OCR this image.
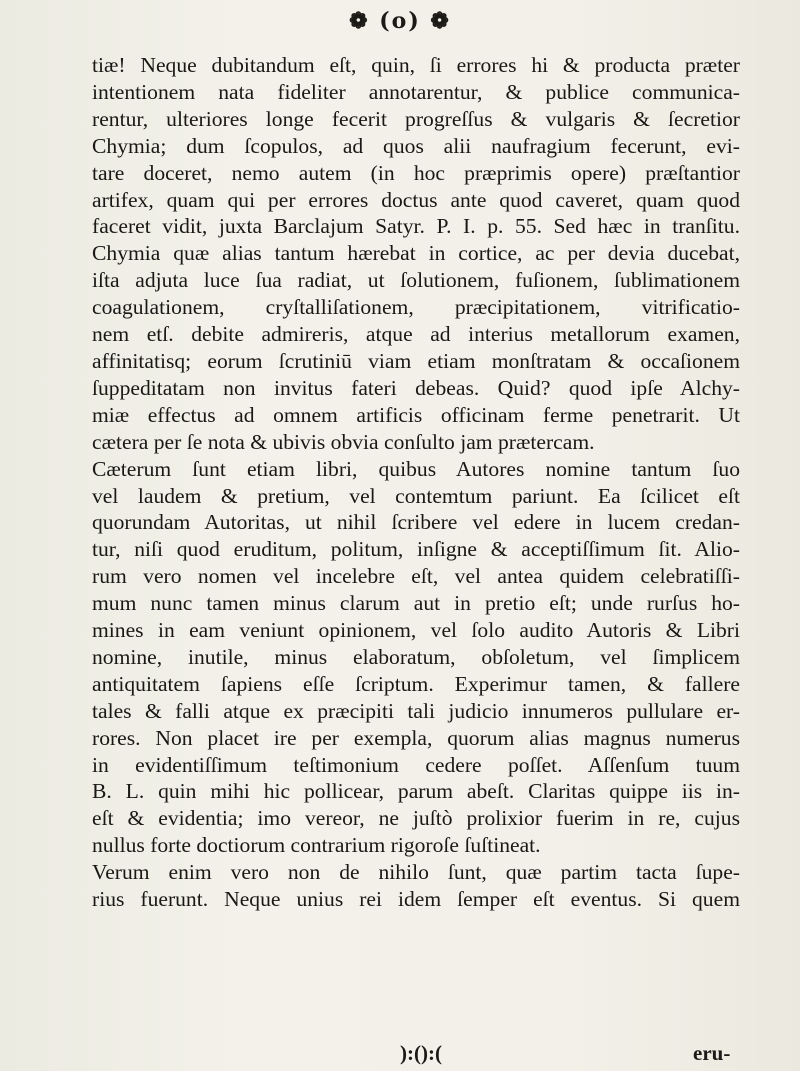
❁ (o) ❁
tiæ! Neque dubitandum eſt, quin, ſi errores hi & producta præter
intentionem nata fideliter annotarentur, & publice communica-
rentur, ulteriores longe fecerit progreſſus & vulgaris & ſecretior
Chymia; dum ſcopulos, ad quos alii naufragium fecerunt, evi-
tare doceret, nemo autem (in hoc præprimis opere) præſtantior
artifex, quam qui per errores doctus ante quod caveret, quam quod
faceret vidit, juxta Barclajum Satyr. P. I. p. 55. Sed hæc in tranſitu.
Chymia quæ alias tantum hærebat in cortice, ac per devia ducebat,
iſta adjuta luce ſua radiat, ut ſolutionem, fuſionem, ſublimationem
coagulationem, cryſtalliſationem, præcipitationem, vitrificatio-
nem etſ. debite admireris, atque ad interius metallorum examen,
affinitatisq; eorum ſcrutiniū viam etiam monſtratam & occaſionem
ſuppeditatam non invitus fateri debeas. Quid? quod ipſe Alchy-
miæ effectus ad omnem artificis officinam ferme penetrarit. Ut
cætera per ſe nota & ubivis obvia conſulto jam prætercam.
Cæterum ſunt etiam libri, quibus Autores nomine tantum ſuo
vel laudem & pretium, vel contemtum pariunt. Ea ſcilicet eſt
quorundam Autoritas, ut nihil ſcribere vel edere in lucem credan-
tur, niſi quod eruditum, politum, inſigne & acceptiſſimum ſit. Alio-
rum vero nomen vel incelebre eſt, vel antea quidem celebratiſſi-
mum nunc tamen minus clarum aut in pretio eſt; unde rurſus ho-
mines in eam veniunt opinionem, vel ſolo audito Autoris & Libri
nomine, inutile, minus elaboratum, obſoletum, vel ſimplicem
antiquitatem ſapiens eſſe ſcriptum. Experimur tamen, & fallere
tales & falli atque ex præcipiti tali judicio innumeros pullulare er-
rores. Non placet ire per exempla, quorum alias magnus numerus
in evidentiſſimum teſtimonium cedere poſſet. Aſſenſum tuum
B. L. quin mihi hic pollicear, parum abeſt. Claritas quippe iis in-
eſt & evidentia; imo vereor, ne juſtò prolixior fuerim in re, cujus
nullus forte doctiorum contrarium rigoroſe ſuſtineat.
Verum enim vero non de nihilo ſunt, quæ partim tacta ſupe-
rius fuerunt. Neque unius rei idem ſemper eſt eventus. Si quem
):():(	eru-
